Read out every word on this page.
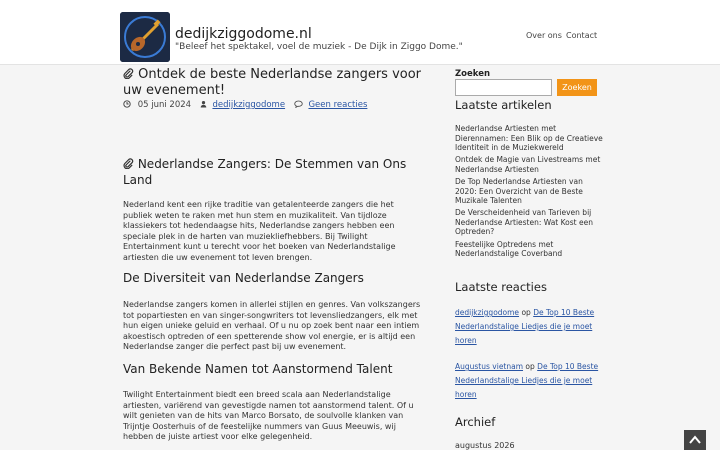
dedijkziggodome.nl
"Beleef het spektakel, voel de muziek - De Dijk in Ziggo Dome."
Over ons Contact
Ontdek de beste Nederlandse zangers voor uw evenement!
05 juni 2024	dedijkziggodome	Geen reacties
Nederlandse Zangers: De Stemmen van Ons Land
Nederland kent een rijke traditie van getalenteerde zangers die het publiek weten te raken met hun stem en muzikaliteit. Van tijdloze klassiekers tot hedendaagse hits, Nederlandse zangers hebben een speciale plek in de harten van muziekliefhebbers. Bij Twilight Entertainment kunt u terecht voor het boeken van Nederlandstalige artiesten die uw evenement tot leven brengen.
De Diversiteit van Nederlandse Zangers
Nederlandse zangers komen in allerlei stijlen en genres. Van volkszangers tot popartiesten en van singer-songwriters tot levensliedzangers, elk met hun eigen unieke geluid en verhaal. Of u nu op zoek bent naar een intiem akoestisch optreden of een spetterende show vol energie, er is altijd een Nederlandse zanger die perfect past bij uw evenement.
Van Bekende Namen tot Aanstormend Talent
Twilight Entertainment biedt een breed scala aan Nederlandstalige artiesten, variërend van gevestigde namen tot aanstormend talent. Of u wilt genieten van de hits van Marco Borsato, de soulvolle klanken van Trijntje Oosterhuis of de feestelijke nummers van Guus Meeuwis, wij hebben de juiste artiest voor elke gelegenheid.
Zoeken
Zoeken
Laatste artikelen
Nederlandse Artiesten met Dierennamen: Een Blik op de Creatieve Identiteit in de Muziekwereld
Ontdek de Magie van Livestreams met Nederlandse Artiesten
De Top Nederlandse Artiesten van 2020: Een Overzicht van de Beste Muzikale Talenten
De Verscheidenheid van Tarieven bij Nederlandse Artiesten: Wat Kost een Optreden?
Feestelijke Optredens met Nederlandstalige Coverband
Laatste reacties
dedijkziggodome op De Top 10 Beste Nederlandstalige Liedjes die je moet horen
Augustus vietnam op De Top 10 Beste Nederlandstalige Liedjes die je moet horen
Archief
augustus 2026
